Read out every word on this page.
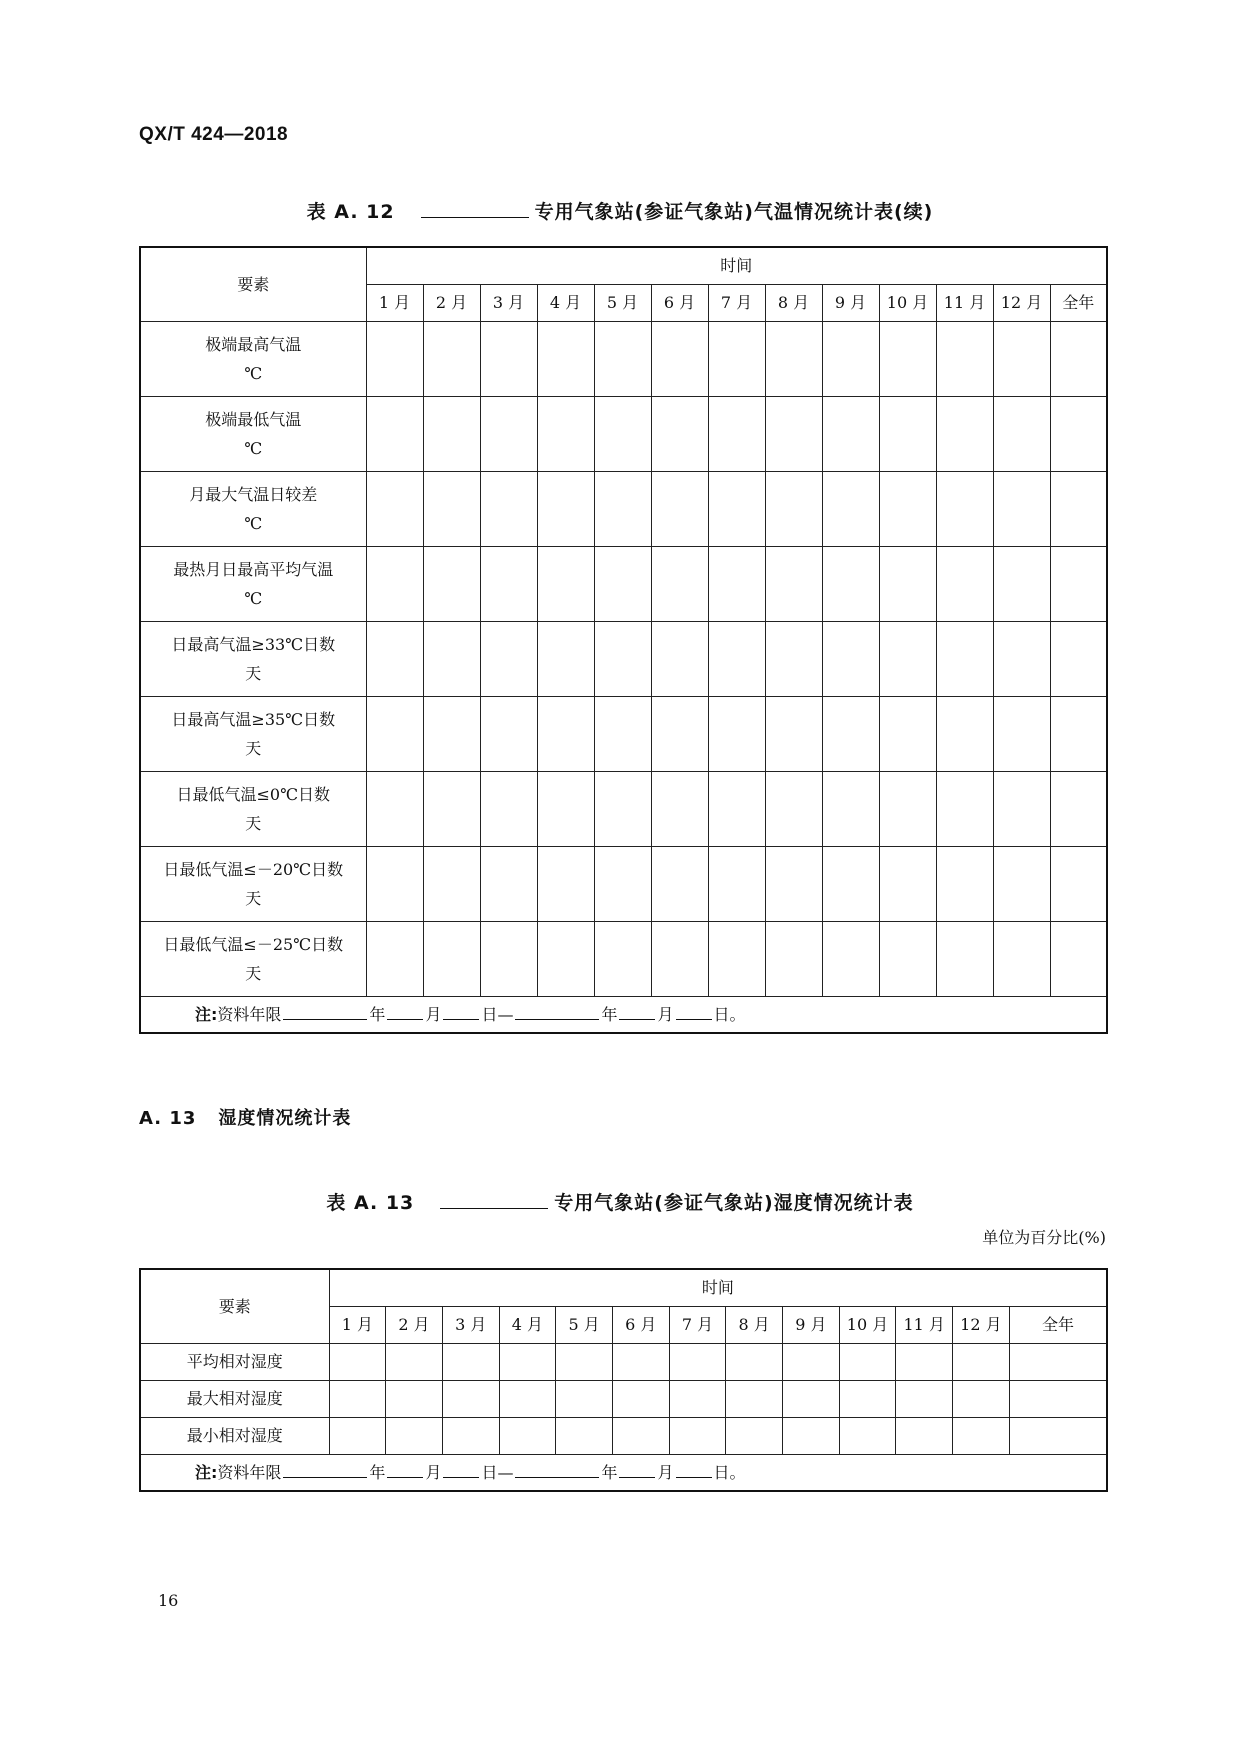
QX/T 424—2018
表 A. 12	专用气象站(参证气象站)气温情况统计表(续)
要素	时间												
	1 月	2 月	3 月	4 月	5 月	6 月	7 月	8 月	9 月	10 月	11 月	12 月	全年

极端最高气温
℃													

极端最低气温
℃													

月最大气温日较差
℃													

最热月日最高平均气温
℃													

日最高气温≥33℃日数
天													

日最高气温≥35℃日数
天													

日最低气温≤0℃日数
天													

日最低气温≤－20℃日数
天													

日最低气温≤－25℃日数
天													

注:资料年限 年 月 日— 年 月 日。													
A. 13 湿度情况统计表
表 A. 13	专用气象站(参证气象站)湿度情况统计表
单位为百分比(%)
要素	时间												
	1 月	2 月	3 月	4 月	5 月	6 月	7 月	8 月	9 月	10 月	11 月	12 月	全年
平均相对湿度													
最大相对湿度													
最小相对湿度													
注:资料年限 年 月 日— 年 月 日。													
16
